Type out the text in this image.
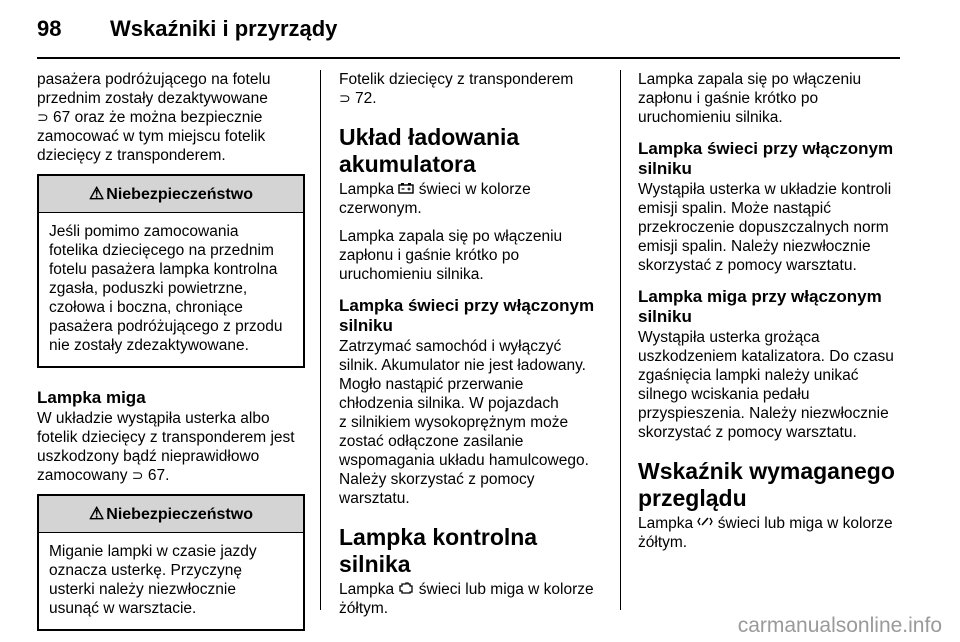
98 Wskaźniki i przyrządy

pasażera podróżującego na fotelu
przednim zostały dezaktywowane
⊃ 67 oraz że można bezpiecznie
zamocować w tym miejscu fotelik
dziecięcy z transponderem.

⚠ Niebezpieczeństwo
Jeśli pomimo zamocowania
fotelika dziecięcego na przednim
fotelu pasażera lampka kontrolna
zgasła, poduszki powietrzne,
czołowa i boczna, chroniące
pasażera podróżującego z przodu
nie zostały zdezaktywowane.
Lampka miga

W układzie wystąpiła usterka albo
fotelik dziecięcy z transponderem jest
uszkodzony bądź nieprawidłowo
zamocowany ⊃ 67.

⚠ Niebezpieczeństwo
Miganie lampki w czasie jazdy
oznacza usterkę. Przyczynę
usterki należy niezwłocznie
usunąć w warsztacie.

Fotelik dziecięcy z transponderem
⊃ 72.

Układ ładowania
akumulatora

Lampka świeci w kolorze
czerwonym.

Lampka zapala się po włączeniu
zapłonu i gaśnie krótko po
uruchomieniu silnika.

Lampka świeci przy włączonym
silniku

Zatrzymać samochód i wyłączyć
silnik. Akumulator nie jest ładowany.
Mogło nastąpić przerwanie
chłodzenia silnika. W pojazdach
z silnikiem wysokoprężnym może
zostać odłączone zasilanie
wspomagania układu hamulcowego.
Należy skorzystać z pomocy
warsztatu.

Lampka kontrolna silnika

Lampka świeci lub miga w kolorze
żółtym.

Lampka zapala się po włączeniu
zapłonu i gaśnie krótko po
uruchomieniu silnika.

Lampka świeci przy włączonym
silniku

Wystąpiła usterka w układzie kontroli
emisji spalin. Może nastąpić
przekroczenie dopuszczalnych norm
emisji spalin. Należy niezwłocznie
skorzystać z pomocy warsztatu.

Lampka miga przy włączonym
silniku

Wystąpiła usterka grożąca
uszkodzeniem katalizatora. Do czasu
zgaśnięcia lampki należy unikać
silnego wciskania pedału
przyspieszenia. Należy niezwłocznie
skorzystać z pomocy warsztatu.

Wskaźnik wymaganego
przeglądu

Lampka świeci lub miga w kolorze
żółtym.

carmanualsonline.info
